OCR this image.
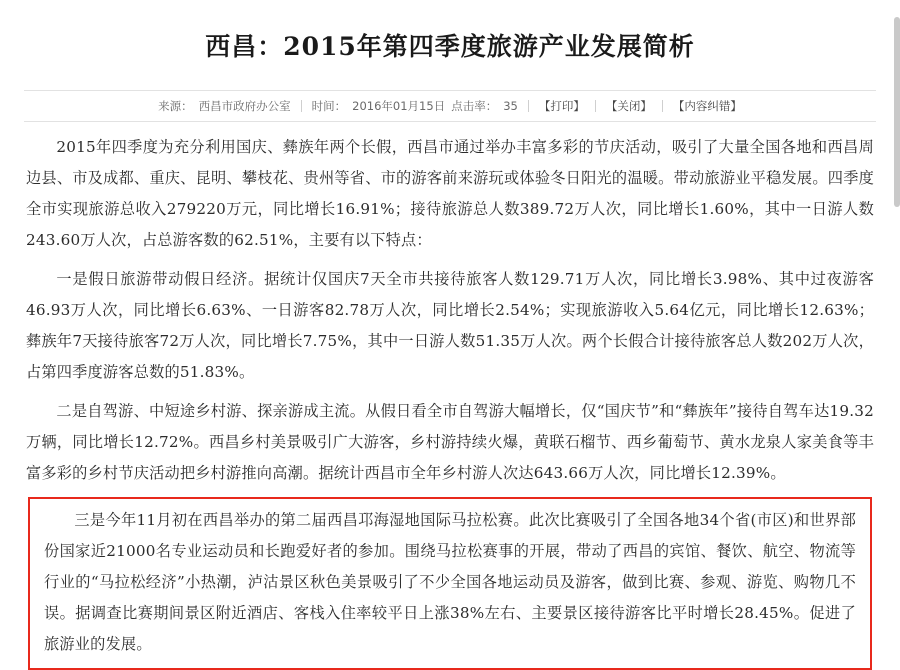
西昌：2015年第四季度旅游产业发展简析
来源： 西昌市政府办公室 时间： 2016年01月15日 点击率： 35 【打印】 【关闭】 【内容纠错】

2015年四季度为充分利用国庆、彝族年两个长假，西昌市通过举办丰富多彩的节庆活动，吸引了大量全国各地和西昌周边县、市及成都、重庆、昆明、攀枝花、贵州等省、市的游客前来游玩或体验冬日阳光的温暖。带动旅游业平稳发展。四季度全市实现旅游总收入279220万元，同比增长16.91%；接待旅游总人数389.72万人次，同比增长1.60%，其中一日游人数243.60万人次，占总游客数的62.51%，主要有以下特点：

一是假日旅游带动假日经济。据统计仅国庆7天全市共接待旅客人数129.71万人次，同比增长3.98%、其中过夜游客46.93万人次，同比增长6.63%、一日游客82.78万人次，同比增长2.54%；实现旅游收入5.64亿元，同比增长12.63%；彝族年7天接待旅客72万人次，同比增长7.75%，其中一日游人数51.35万人次。两个长假合计接待旅客总人数202万人次，占第四季度游客总数的51.83%。

二是自驾游、中短途乡村游、探亲游成主流。从假日看全市自驾游大幅增长，仅“国庆节”和“彝族年”接待自驾车达19.32万辆，同比增长12.72%。西昌乡村美景吸引广大游客，乡村游持续火爆，黄联石榴节、西乡葡萄节、黄水龙泉人家美食等丰富多彩的乡村节庆活动把乡村游推向高潮。据统计西昌市全年乡村游人次达643.66万人次，同比增长12.39%。

三是今年11月初在西昌举办的第二届西昌邛海湿地国际马拉松赛。此次比赛吸引了全国各地34个省(市区)和世界部份国家近21000名专业运动员和长跑爱好者的参加。围绕马拉松赛事的开展，带动了西昌的宾馆、餐饮、航空、物流等行业的“马拉松经济”小热潮，泸沽景区秋色美景吸引了不少全国各地运动员及游客，做到比赛、参观、游览、购物几不误。据调查比赛期间景区附近酒店、客栈入住率较平日上涨38%左右、主要景区接待游客比平时增长28.45%。促进了旅游业的发展。
